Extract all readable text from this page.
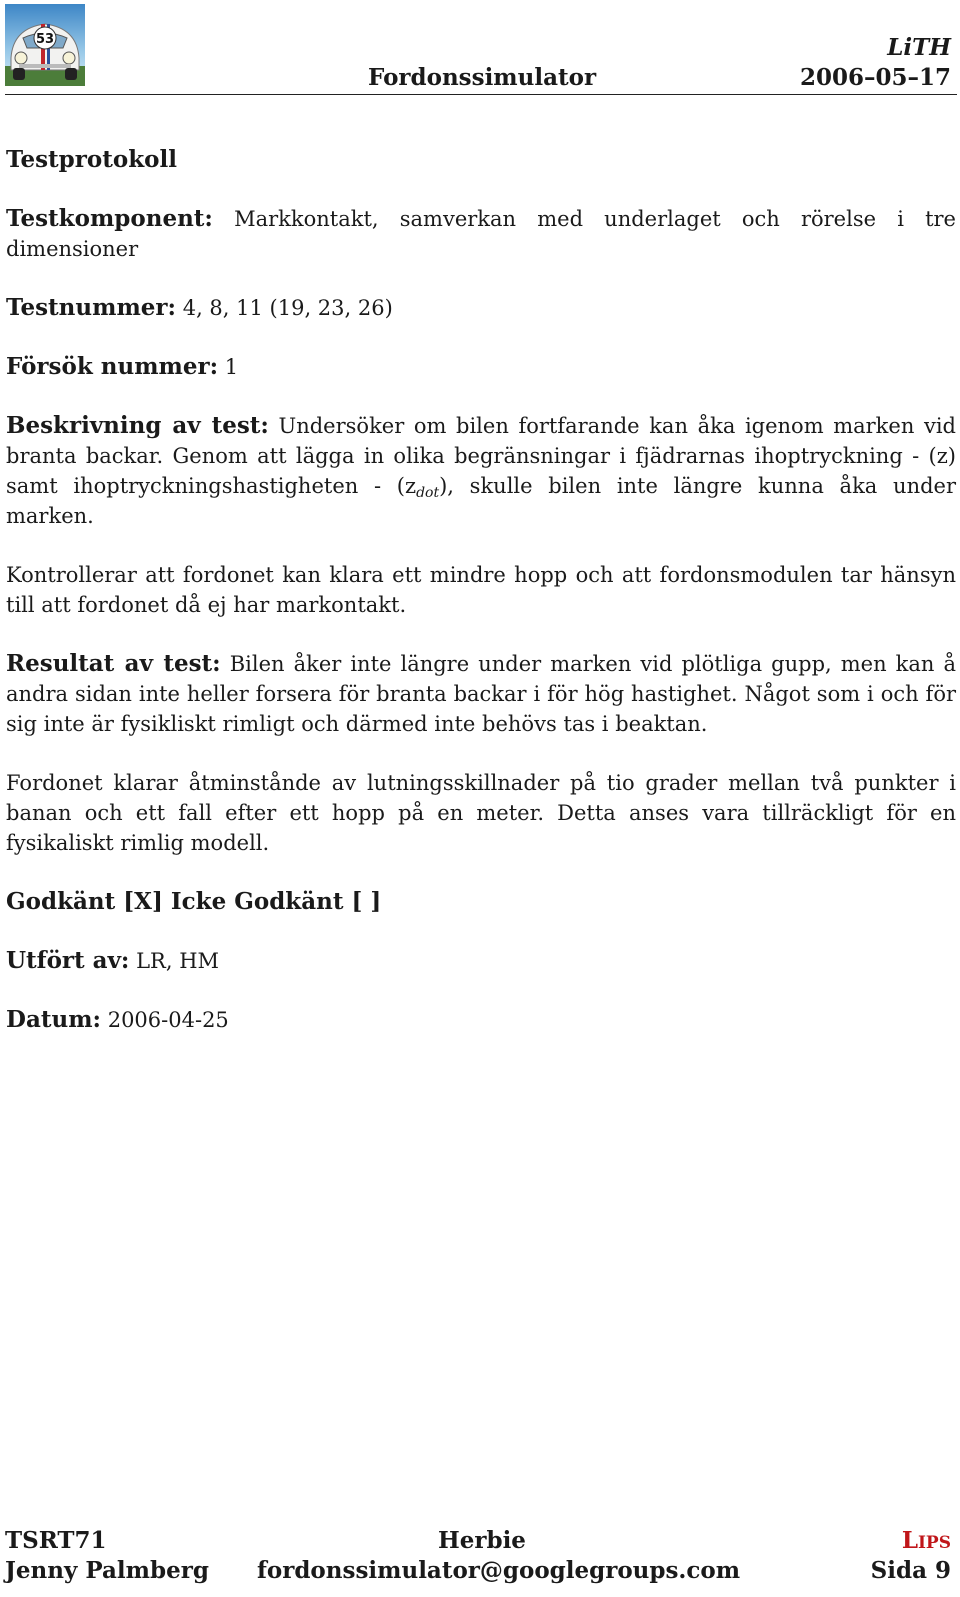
53
Fordonssimulator
LiTH
2006–05–17

Testprotokoll

Testkomponent: Markkontakt, samverkan med underlaget och rörelse i tre dimensioner

Testnummer: 4, 8, 11 (19, 23, 26)

Försök nummer: 1

Beskrivning av test: Undersöker om bilen fortfarande kan åka igenom marken vid branta backar. Genom att lägga in olika begränsningar i fjädrarnas ihoptryckning - (z) samt ihoptryckningshastigheten - $(z_{dot})$, skulle bilen inte längre kunna åka under marken.

Kontrollerar att fordonet kan klara ett mindre hopp och att fordonsmodulen tar hänsyn till att fordonet då ej har markontakt.

Resultat av test: Bilen åker inte längre under marken vid plötliga gupp, men kan å andra sidan inte heller forsera för branta backar i för hög hastighet. Något som i och för sig inte är fysikliskt rimligt och därmed inte behövs tas i beaktan.

Fordonet klarar åtminstånde av lutningsskillnader på tio grader mellan två punkter i banan och ett fall efter ett hopp på en meter. Detta anses vara tillräckligt för en fysikaliskt rimlig modell.

Godkänt [X] Icke Godkänt [ ]

Utfört av: LR, HM

Datum: 2006-04-25

TSRT71
Jenny Palmberg
Herbie
fordonssimulator@googlegroups.com
LIPS
Sida 9
